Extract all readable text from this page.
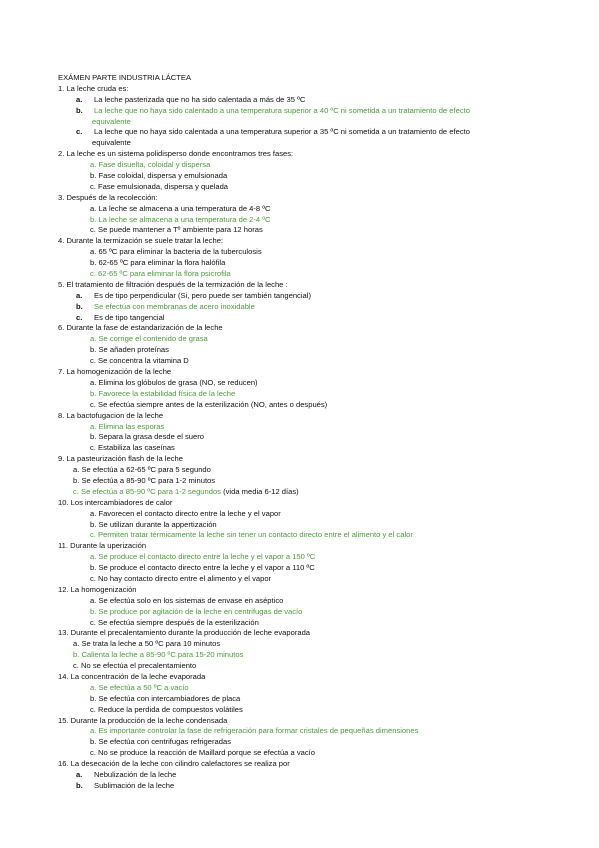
EXÁMEN PARTE INDUSTRIA LÁCTEA
1. La leche cruda es:
a. La leche pasterizada que no ha sido calentada a más de 35 ºC
b. La leche que no haya sido calentado a una temperatura superior a 40 ºC ni sometida a un tratamiento de efecto
equivalente
c. La leche que no haya sido calentada a una temperatura superior a 35 ºC ni sometida a un tratamiento de efecto
equivalente
2. La leche es un sistema polidisperso donde encontramos tres fases:
a. Fase disuelta, coloidal y dispersa
b. Fase coloidal, dispersa y emulsionada
c. Fase emulsionada, dispersa y quelada
3. Después de la recolección:
a. La leche se almacena a una temperatura de 4-8 ºC
b. La leche se almacena a una temperatura de 2-4 ºC
c. Se puede mantener a Tº ambiente para 12 horas
4. Durante la termización se suele tratar la leche:
a. 65 ºC para eliminar la bacteria de la tuberculosis
b. 62-65 ºC para eliminar la flora halófila
c. 62-65 ºC para eliminar la flora psicrofila
5. El tratamiento de filtración después de la termización de la leche :
a. Es de tipo perpendicular (Si, pero puede ser también tangencial)
b. Se efectúa con membranas de acero inoxidable
c. Es de tipo tangencial
6. Durante la fase de estandarización de la leche
a. Se corrige el contenido de grasa
b. Se añaden proteínas
c. Se concentra la vitamina D
7. La homogenización de la leche
a. Elimina los glóbulos de grasa (NO, se reducen)
b. Favorece la estabilidad física de la leche
c. Se efectúa siempre antes de la esterilización (NO, antes o después)
8. La bactofugacion de la leche
a. Elimina las esporas
b. Separa la grasa desde el suero
c. Estabiliza las caseínas
9. La pasteurización flash de la leche
a. Se efectúa a 62-65 ºC para 5 segundo
b. Se efectúa a 85-90 ºC para 1-2 minutos
c. Se efectúa a 85-90 ºC para 1-2 segundos (vida media 6-12 días)
10. Los intercambiadores de calor
a. Favorecen el contacto directo entre la leche y el vapor
b. Se utilizan durante la appertización
c. Permiten tratar térmicamente la leche sin tener un contacto directo entre el alimento y el calor
11. Durante la uperización
a. Se produce el contacto directo entre la leche y el vapor a 150 ºC
b. Se produce el contacto directo entre la leche y el vapor a 110 ºC
c. No hay contacto directo entre el alimento y el vapor
12. La homogenización
a. Se efectúa solo en los sistemas de envase en aséptico
b. Se produce por agitación de la leche en centrifugas de vacío
c. Se efectúa siempre después de la esterilización
13. Durante el precalentamiento durante la producción de leche evaporada
a. Se trata la leche a 50 ºC para 10 minutos
b. Calienta la leche a 85-90 ºC para 15-20 minutos
c. No se efectúa el precalentamiento
14. La concentración de la leche evaporada
a. Se efectúa a 50 ºC a vacío
b. Se efectúa con intercambiadores de placa
c. Reduce la perdida de compuestos volátiles
15. Durante la producción de la leche condensada
a. Es importante controlar la fase de refrigeración para formar cristales de pequeñas dimensiones
b. Se efectúa con centrifugas refrigeradas
c. No se produce la reacción de Maillard porque se efectúa a vacío
16. La desecación de la leche con cilindro calefactores se realiza por
a. Nebulización de la leche
b. Sublimación de la leche
